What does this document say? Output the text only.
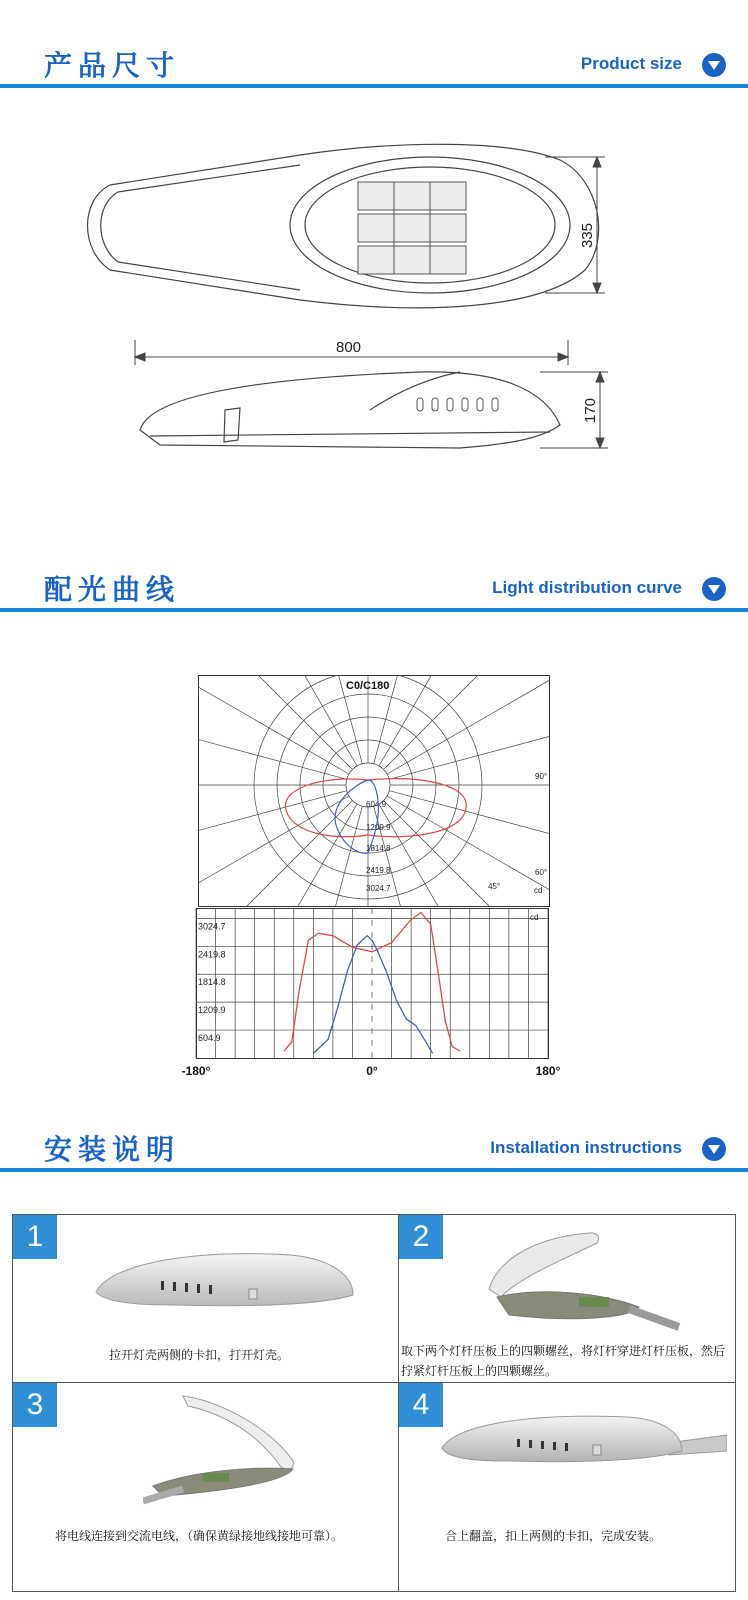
产品尺寸	Product size
335
800
170
配光曲线	Light distribution curve
C0/C180
604.9
1209.9
1814.8
2419.8
3024.7
90°
60°
45°	cd
3024.7
2419.8
1814.8
1209.9
604.9
-180°	0°	180°
cd
安装说明	Installation instructions
1
拉开灯壳两侧的卡扣，打开灯壳。
2
取下两个灯杆压板上的四颗螺丝，将灯杆穿进灯杆压板，然后拧紧灯杆压板上的四颗螺丝。
3
将电线连接到交流电线，（确保黄绿接地线接地可靠）。
4
合上翻盖，扣上两侧的卡扣，完成安装。
